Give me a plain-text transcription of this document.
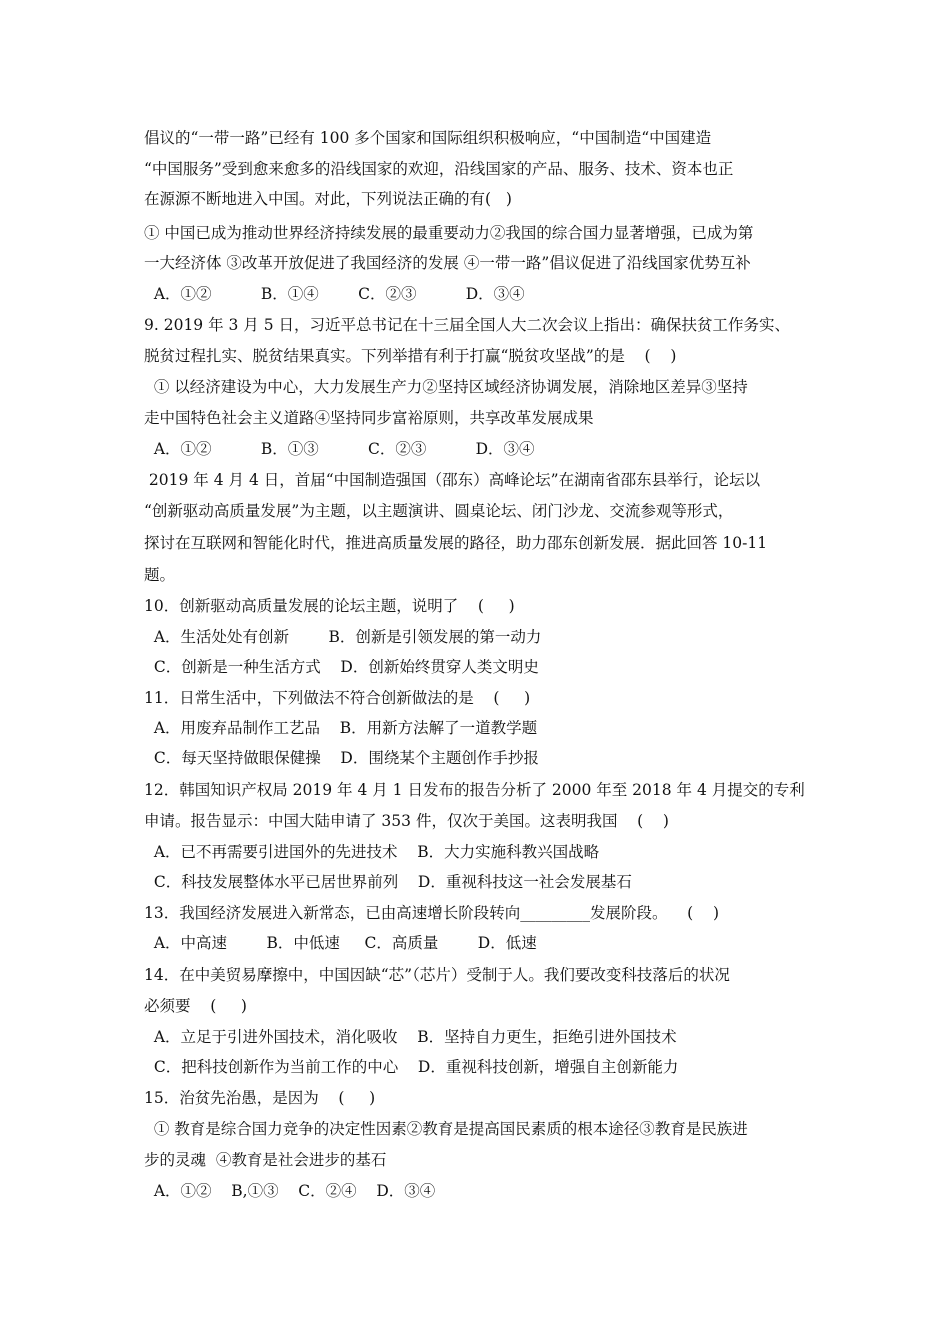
倡议的“一带一路”已经有 100 多个国家和国际组织积极响应，“中国制造“中国建造
“中国服务”受到愈来愈多的沿线国家的欢迎，沿线国家的产品、服务、技术、资本也正
在源源不断地进入中国。对此，下列说法正确的有(   )
① 中国已成为推动世界经济持续发展的最重要动力②我国的综合国力显著增强，已成为第
一大经济体 ③改革开放促进了我国经济的发展 ④一带一路”倡议促进了沿线国家优势互补
A．①②          B．①④        C．②③          D．③④
9. 2019 年 3 月 5 日，习近平总书记在十三届全国人大二次会议上指出：确保扶贫工作务实、
脱贫过程扎实、脱贫结果真实。下列举措有利于打赢“脱贫攻坚战”的是    (    )
① 以经济建设为中心，大力发展生产力②坚持区域经济协调发展，消除地区差异③坚持
走中国特色社会主义道路④坚持同步富裕原则，共享改革发展成果
A．①②          B．①③          C．②③          D．③④
2019 年 4 月 4 日，首届“中国制造强国（邵东）高峰论坛”在湖南省邵东县举行，论坛以
“创新驱动高质量发展”为主题，以主题演讲、圆桌论坛、闭门沙龙、交流参观等形式，
探讨在互联网和智能化时代，推进高质量发展的路径，助力邵东创新发展．据此回答 10-11
题。
10．创新驱动高质量发展的论坛主题，说明了    (     )
A．生活处处有创新        B．创新是引领发展的第一动力
C．创新是一种生活方式    D．创新始终贯穿人类文明史
11．日常生活中，下列做法不符合创新做法的是    (     )
A．用废弃品制作工艺品    B．用新方法解了一道教学题
C．每天坚持做眼保健操    D．围绕某个主题创作手抄报
12．韩国知识产权局 2019 年 4 月 1 日发布的报告分析了 2000 年至 2018 年 4 月提交的专利
申请。报告显示：中国大陆申请了 353 件，仅次于美国。这表明我国    (    )
A．已不再需要引进国外的先进技术    B．大力实施科教兴国战略
C．科技发展整体水平已居世界前列    D．重视科技这一社会发展基石
13．我国经济发展进入新常态，已由高速增长阶段转向_________发展阶段。    (    )
A．中高速        B．中低速     C．高质量        D．低速
14．在中美贸易摩擦中，中国因缺“芯”（芯片）受制于人。我们要改变科技落后的状况
必须要    (     )
A．立足于引进外国技术，消化吸收    B．坚持自力更生，拒绝引进外国技术
C．把科技创新作为当前工作的中心    D．重视科技创新，增强自主创新能力
15．治贫先治愚，是因为    (     )
① 教育是综合国力竞争的决定性因素②教育是提高国民素质的根本途径③教育是民族进
步的灵魂  ④教育是社会进步的基石
A．①②    B,①③    C．②④    D．③④
